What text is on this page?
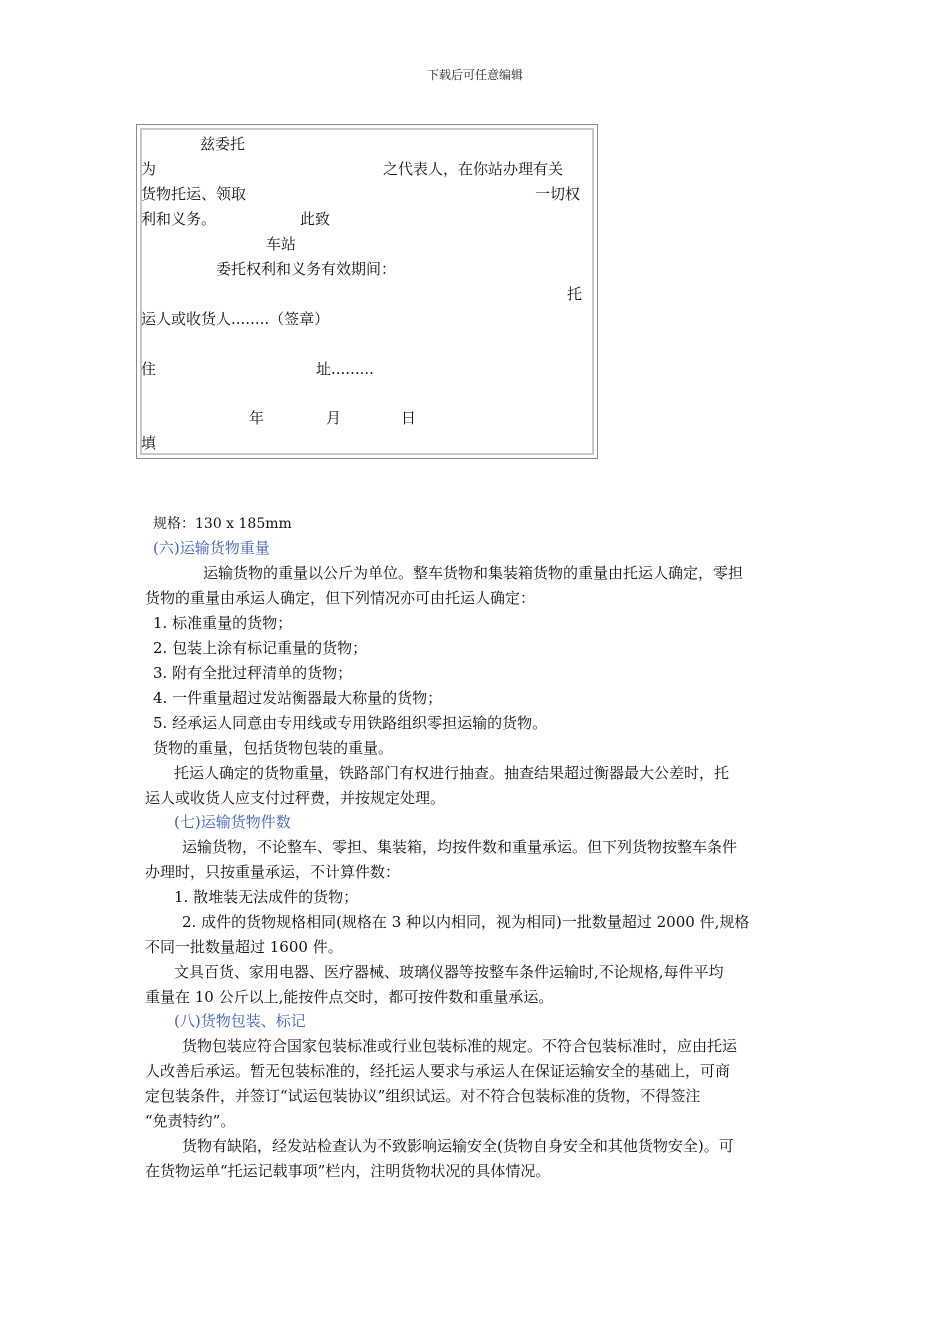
下载后可任意编辑
兹委托
为	之代表人，在你站办理有关
货物托运、领取	一切权
利和义务。	此致
车站
委托权利和义务有效期间：
托
运人或收货人........（签章）
住	址.........
年	月	日
填
规格：130 x 185mm
(六)运输货物重量
运输货物的重量以公斤为单位。整车货物和集装箱货物的重量由托运人确定，零担
货物的重量由承运人确定，但下列情况亦可由托运人确定：
1. 标准重量的货物；
2. 包装上涂有标记重量的货物；
3. 附有全批过秤清单的货物；
4. 一件重量超过发站衡器最大称量的货物；
5. 经承运人同意由专用线或专用铁路组织零担运输的货物。
货物的重量，包括货物包装的重量。
托运人确定的货物重量，铁路部门有权进行抽查。抽查结果超过衡器最大公差时，托
运人或收货人应支付过秤费，并按规定处理。
(七)运输货物件数
运输货物，不论整车、零担、集装箱，均按件数和重量承运。但下列货物按整车条件
办理时，只按重量承运，不计算件数：
1. 散堆装无法成件的货物；
2. 成件的货物规格相同(规格在 3 种以内相同，视为相同)一批数量超过 2000 件,规格
不同一批数量超过 1600 件。
文具百货、家用电器、医疗器械、玻璃仪器等按整车条件运输时,不论规格,每件平均
重量在 10 公斤以上,能按件点交时，都可按件数和重量承运。
(八)货物包装、标记
货物包装应符合国家包装标准或行业包装标准的规定。不符合包装标准时，应由托运
人改善后承运。暂无包装标准的，经托运人要求与承运人在保证运输安全的基础上，可商
定包装条件，并签订“试运包装协议”组织试运。对不符合包装标准的货物，不得签注
“免责特约”。
货物有缺陷，经发站检查认为不致影响运输安全(货物自身安全和其他货物安全)。可
在货物运单“托运记载事项”栏内，注明货物状况的具体情况。
